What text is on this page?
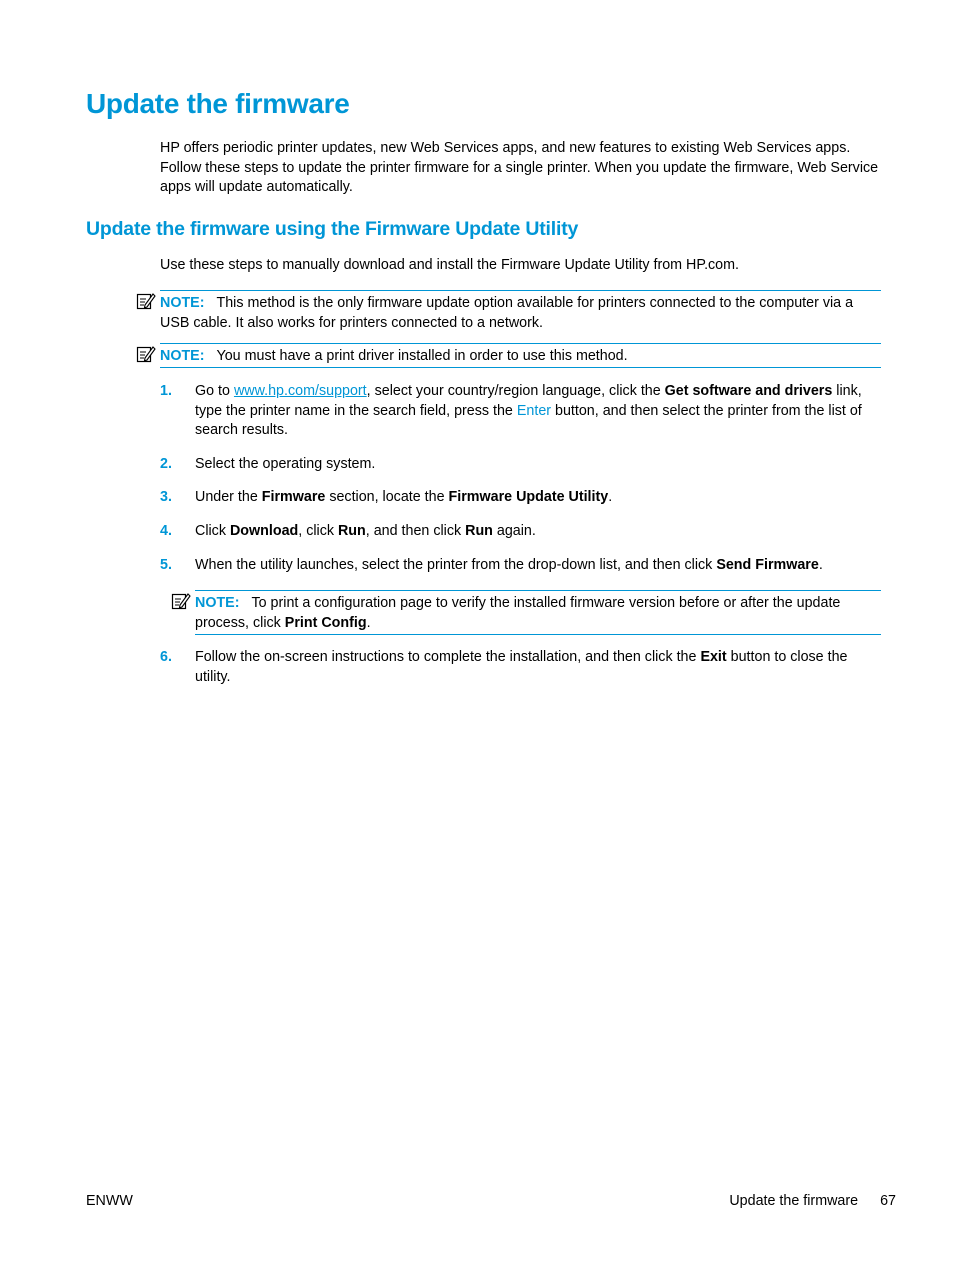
Update the firmware

HP offers periodic printer updates, new Web Services apps, and new features to existing Web Services apps. Follow these steps to update the printer firmware for a single printer. When you update the firmware, Web Service apps will update automatically.

Update the firmware using the Firmware Update Utility

Use these steps to manually download and install the Firmware Update Utility from HP.com.

NOTE: This method is the only firmware update option available for printers connected to the computer via a USB cable. It also works for printers connected to a network.
NOTE: You must have a print driver installed in order to use this method.
1. Go to www.hp.com/support, select your country/region language, click the Get software and drivers link, type the printer name in the search field, press the Enter button, and then select the printer from the list of search results.
2. Select the operating system.
3. Under the Firmware section, locate the Firmware Update Utility.
4. Click Download, click Run, and then click Run again.
5. When the utility launches, select the printer from the drop-down list, and then click Send Firmware.
NOTE: To print a configuration page to verify the installed firmware version before or after the update process, click Print Config.
6. Follow the on-screen instructions to complete the installation, and then click the Exit button to close the utility.
ENWW	Update the firmware 67
